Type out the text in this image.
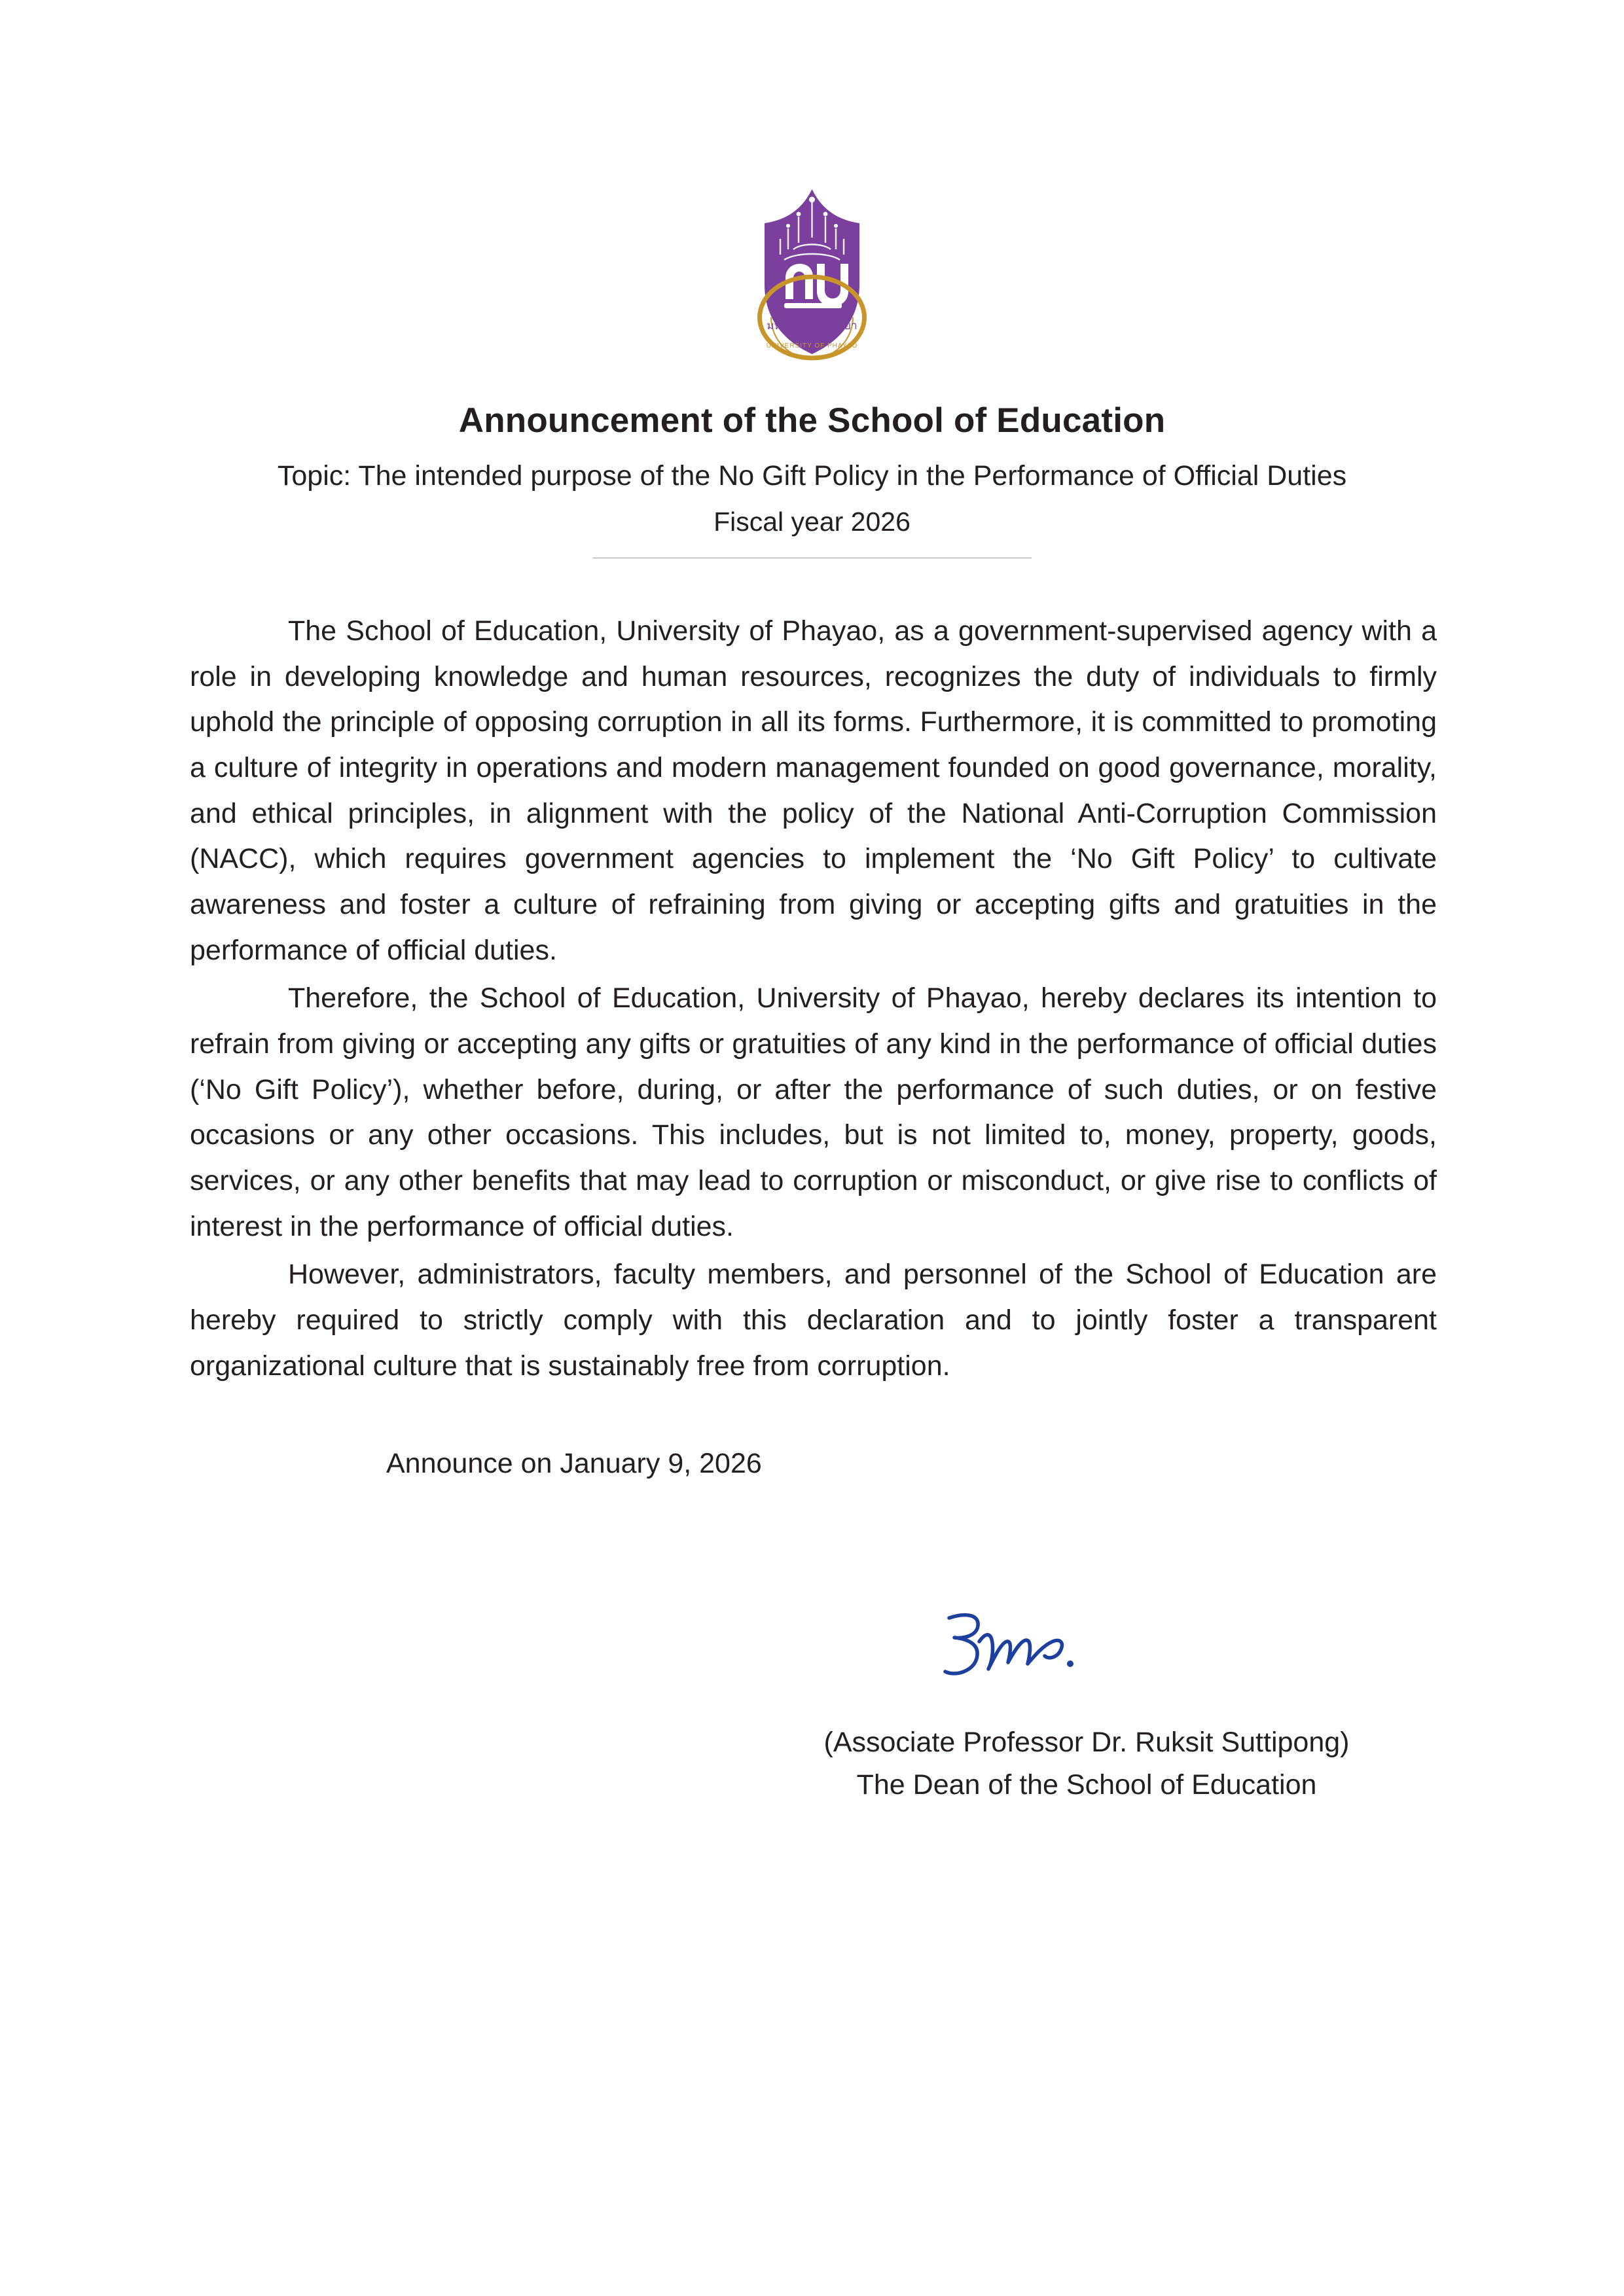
มหาวิทยาลัยพะเยา
UNIVERSITY OF PHAYAO
Announcement of the School of Education
Topic: The intended purpose of the No Gift Policy in the Performance of Official Duties
Fiscal year 2026

The School of Education, University of Phayao, as a government-supervised agency with a role in developing knowledge and human resources, recognizes the duty of individuals to firmly uphold the principle of opposing corruption in all its forms. Furthermore, it is committed to promoting a culture of integrity in operations and modern management founded on good governance, morality, and ethical principles, in alignment with the policy of the National Anti-Corruption Commission (NACC), which requires government agencies to implement the ‘No Gift Policy’ to cultivate awareness and foster a culture of refraining from giving or accepting gifts and gratuities in the performance of official duties.

Therefore, the School of Education, University of Phayao, hereby declares its intention to refrain from giving or accepting any gifts or gratuities of any kind in the performance of official duties (‘No Gift Policy’), whether before, during, or after the performance of such duties, or on festive occasions or any other occasions. This includes, but is not limited to, money, property, goods, services, or any other benefits that may lead to corruption or misconduct, or give rise to conflicts of interest in the performance of official duties.

However, administrators, faculty members, and personnel of the School of Education are hereby required to strictly comply with this declaration and to jointly foster a transparent organizational culture that is sustainably free from corruption.

Announce on January 9, 2026

(Associate Professor Dr. Ruksit Suttipong)
The Dean of the School of Education
